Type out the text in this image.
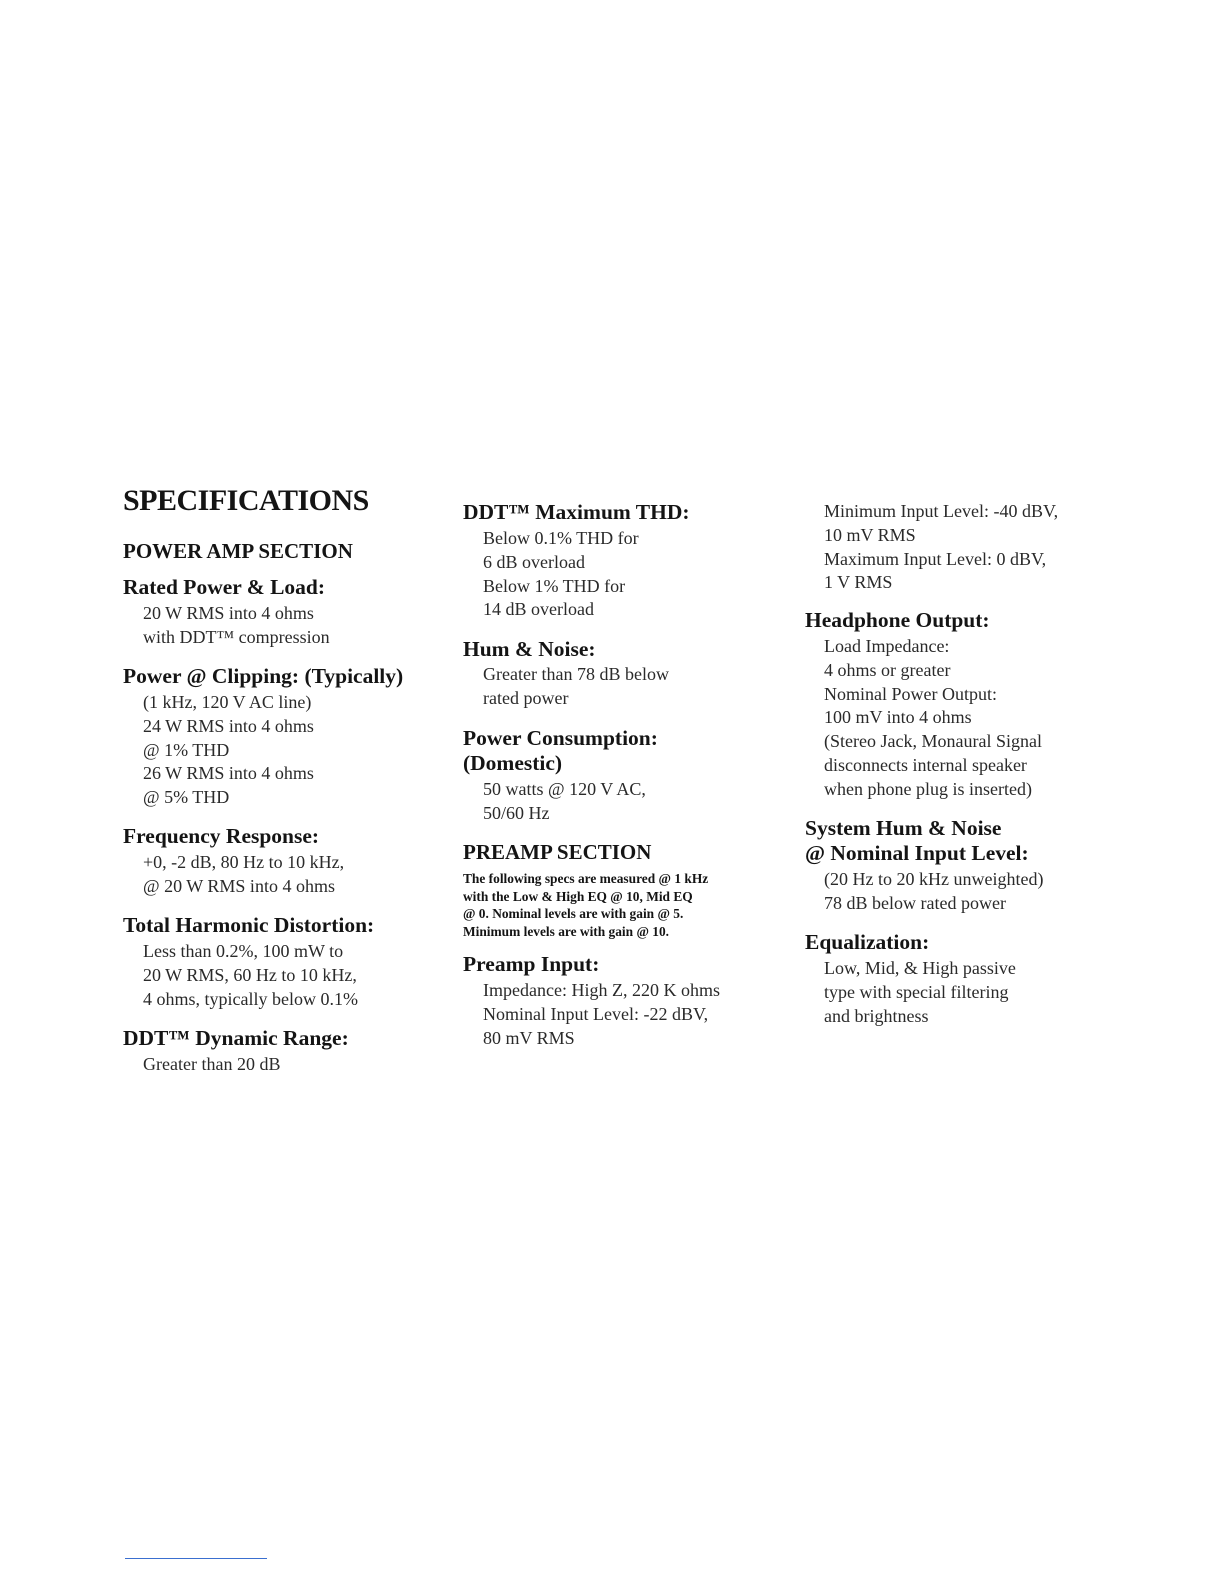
SPECIFICATIONS
POWER AMP SECTION
Rated Power & Load:
20 W RMS into 4 ohms
with DDT™ compression
Power @ Clipping: (Typically)
(1 kHz, 120 V AC line)
24 W RMS into 4 ohms
@ 1% THD
26 W RMS into 4 ohms
@ 5% THD
Frequency Response:
+0, -2 dB, 80 Hz to 10 kHz,
@ 20 W RMS into 4 ohms
Total Harmonic Distortion:
Less than 0.2%, 100 mW to
20 W RMS, 60 Hz to 10 kHz,
4 ohms, typically below 0.1%
DDT™ Dynamic Range:
Greater than 20 dB
DDT™ Maximum THD:
Below 0.1% THD for
6 dB overload
Below 1% THD for
14 dB overload
Hum & Noise:
Greater than 78 dB below
rated power
Power Consumption:
(Domestic)
50 watts @ 120 V AC,
50/60 Hz
PREAMP SECTION

The following specs are measured @ 1 kHz
with the Low & High EQ @ 10, Mid EQ
@ 0. Nominal levels are with gain @ 5.
Minimum levels are with gain @ 10.

Preamp Input:
Impedance: High Z, 220 K ohms
Nominal Input Level: -22 dBV,
80 mV RMS
Minimum Input Level: -40 dBV,
10 mV RMS
Maximum Input Level: 0 dBV,
1 V RMS
Headphone Output:
Load Impedance:
4 ohms or greater
Nominal Power Output:
100 mV into 4 ohms
(Stereo Jack, Monaural Signal
disconnects internal speaker
when phone plug is inserted)
System Hum & Noise
@ Nominal Input Level:
(20 Hz to 20 kHz unweighted)
78 dB below rated power
Equalization:
Low, Mid, & High passive
type with special filtering
and brightness
